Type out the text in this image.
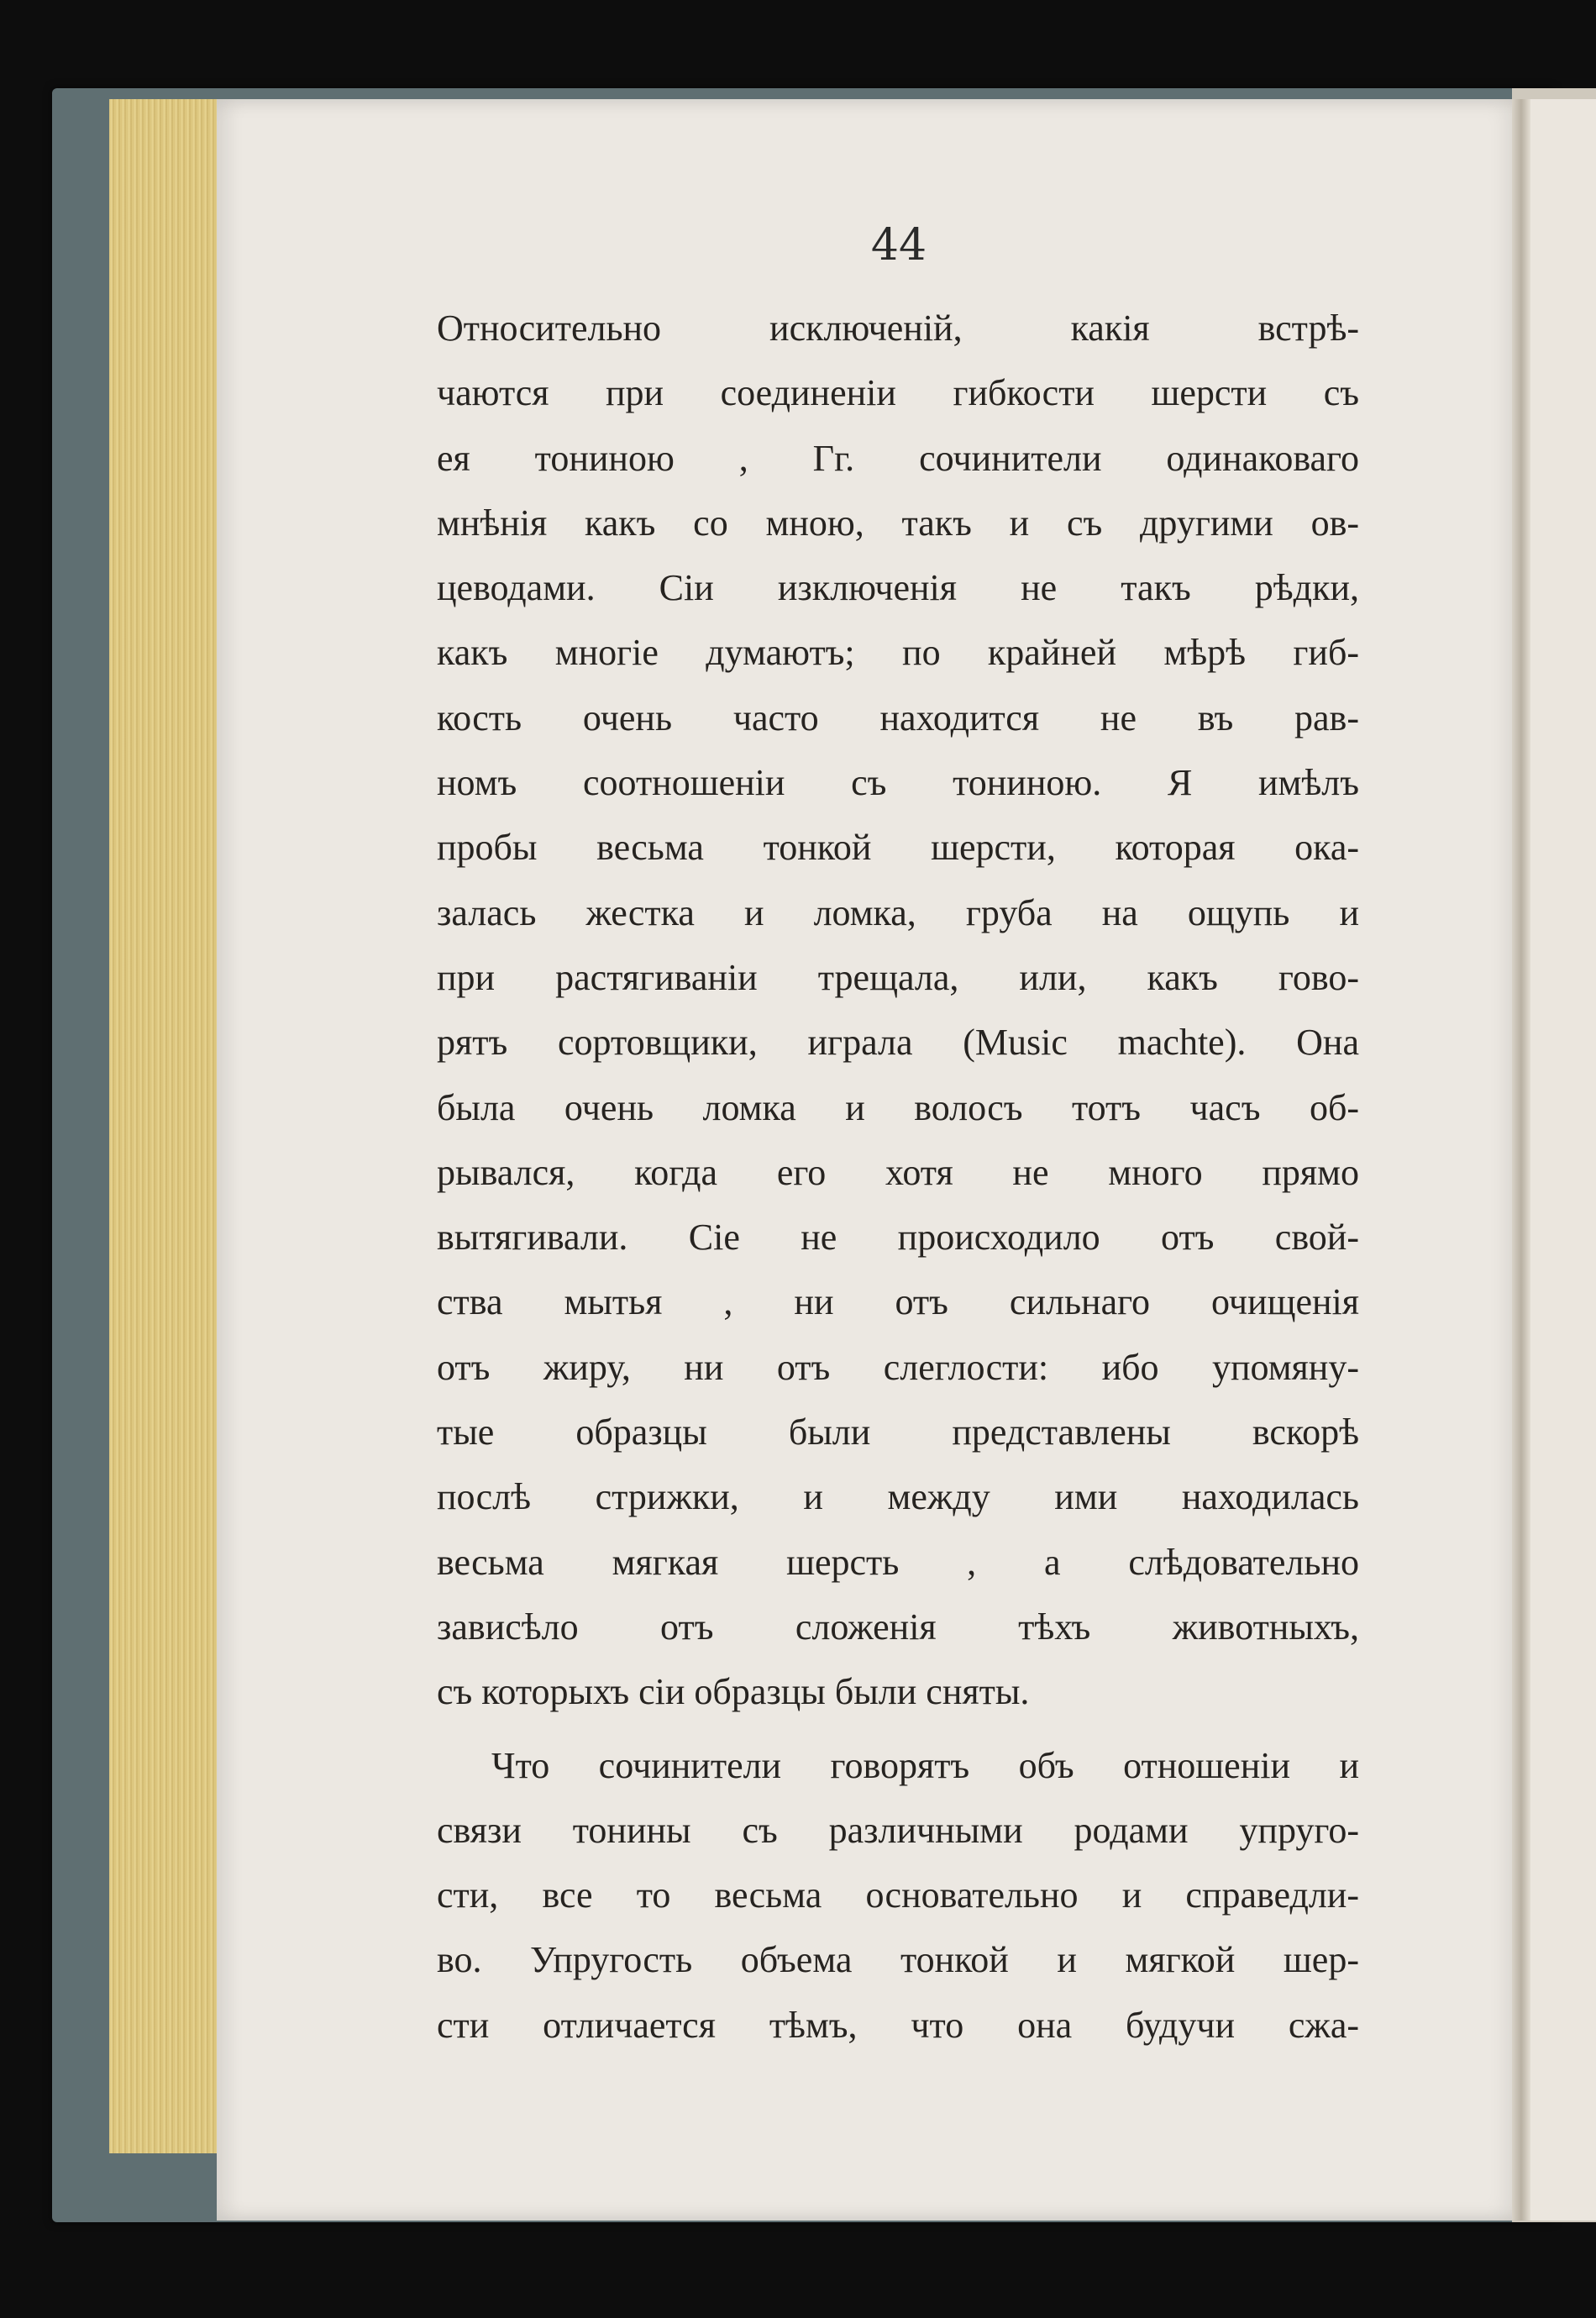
44
Относительно исключеній, какія встрѣ-
чаются при соединеніи гибкости шерсти съ
ея тониною , Гг. сочинители одинаковаго
мнѣнія какъ со мною, такъ и съ другими ов-
цеводами. Сіи изключенія не такъ рѣдки,
какъ многіе думаютъ; по крайней мѣрѣ гиб-
кость очень часто находится не въ рав-
номъ соотношеніи съ тониною. Я имѣлъ
пробы весьма тонкой шерсти, которая ока-
залась жестка и ломка, груба на ощупь и
при растягиваніи трещала, или, какъ гово-
рятъ сортовщики, играла (Music machte). Она
была очень ломка и волосъ тотъ часъ об-
рывался, когда его хотя не много прямо
вытягивали. Сіе не происходило отъ свой-
ства мытья , ни отъ сильнаго очищенія
отъ жиру, ни отъ слеглости: ибо упомяну-
тые образцы были представлены вскорѣ
послѣ стрижки, и между ими находилась
весьма мягкая шерсть , а слѣдовательно
зависѣло отъ сложенія тѣхъ животныхъ,
съ которыхъ сіи образцы были сняты.
Что сочинители говорятъ объ отношеніи и
связи тонины съ различными родами упруго-
сти, все то весьма основательно и справедли-
во. Упругость объема тонкой и мягкой шер-
сти отличается тѣмъ, что она будучи сжа-
